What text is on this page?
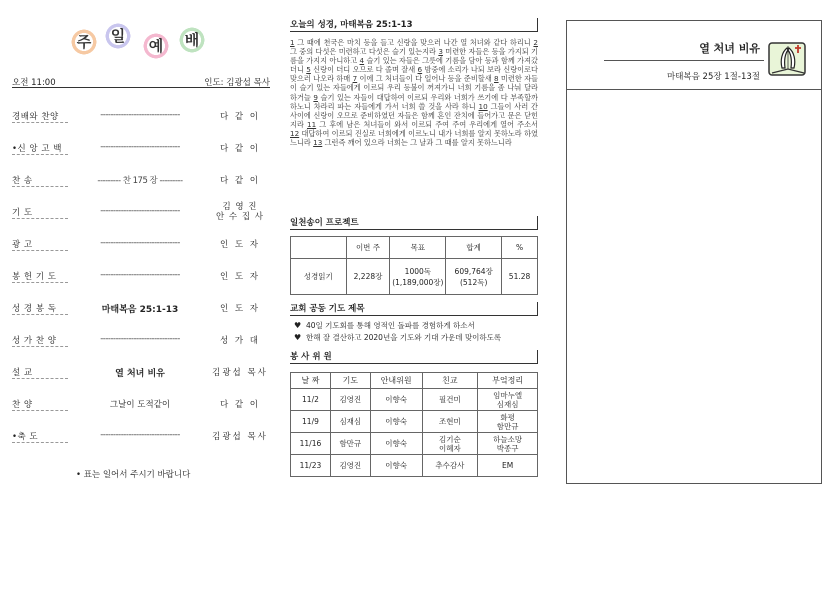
주	일
예	배
오전 11:00	인도: 김광섭 목사
경배와 찬양	-------------------------------	다 같 이
•신 앙 고 백	-------------------------------	다 같 이
찬 송	--------- 찬 175 장 ---------	다 같 이
기 도	-------------------------------	김 영 진
안 수 집 사
광 고	-------------------------------	인 도 자
봉 헌 기 도	-------------------------------	인 도 자
성 경 봉 독	마태복음 25:1-13	인 도 자
성 가 찬 양	-------------------------------	성 가 대
설 교	열 처녀 비유	김광섭 목사
찬 양	그날이 도적같이	다 같 이
•축 도	-------------------------------	김광섭 목사
• 표는 일어서 주시기 바랍니다
오늘의 성경, 마태복음 25:1-13
1 그 때에 천국은 마치 등을 들고 신랑을 맞으러 나간 열 처녀와 같다 하리니 2 그 중의 다섯은 미련하고 다섯은 슬기 있는지라 3 미련한 자들은 등을 가지되 기름을 가지지 아니하고 4 슬기 있는 자들은 그릇에 기름을 담아 등과 함께 가져갔더니 5 신랑이 더디 오므로 다 졸며 잘새 6 밤중에 소리가 나되 보라 신랑이로다 맞으러 나오라 하매 7 이에 그 처녀들이 다 일어나 등을 준비할새 8 미련한 자들이 슬기 있는 자들에게 이르되 우리 등불이 꺼져가니 너희 기름을 좀 나눠 달라 하거늘 9 슬기 있는 자들이 대답하여 이르되 우리와 너희가 쓰기에 다 부족할까 하노니 차라리 파는 자들에게 가서 너희 쓸 것을 사라 하니 10 그들이 사러 간 사이에 신랑이 오므로 준비하였던 자들은 함께 혼인 잔치에 들어가고 문은 닫힌지라 11 그 후에 남은 처녀들이 와서 이르되 주여 주여 우리에게 열어 주소서 12 대답하여 이르되 진실로 너희에게 이르노니 내가 너희를 알지 못하노라 하였느니라 13 그런즉 깨어 있으라 너희는 그 날과 그 때를 알지 못하느니라
일천송이 프로젝트
	이번 주	목표	합계	%
성경읽기	2,228장	1000독
(1,189,000장)	609,764장
(512독)	51.28
교회 공동 기도 제목
♥ 40일 기도회를 통해 영적인 돌파를 경험하게 하소서
♥ 한해 잘 결산하고 2020년을 기도와 기대 가운데 맞이하도록
봉 사 위 원
날 짜	기도	안내위원	친교	부엌정리
11/2	김영진	이향숙	필건미	임마누엘
심재심
11/9	심재심	이향숙	조현미	화평
함만규
11/16	함만규	이향숙	김기순
이혜자	하늘소망
박종구
11/23	김영진	이향숙	추수감사	EM
열 처녀 비유
마태복음 25장 1절-13절
